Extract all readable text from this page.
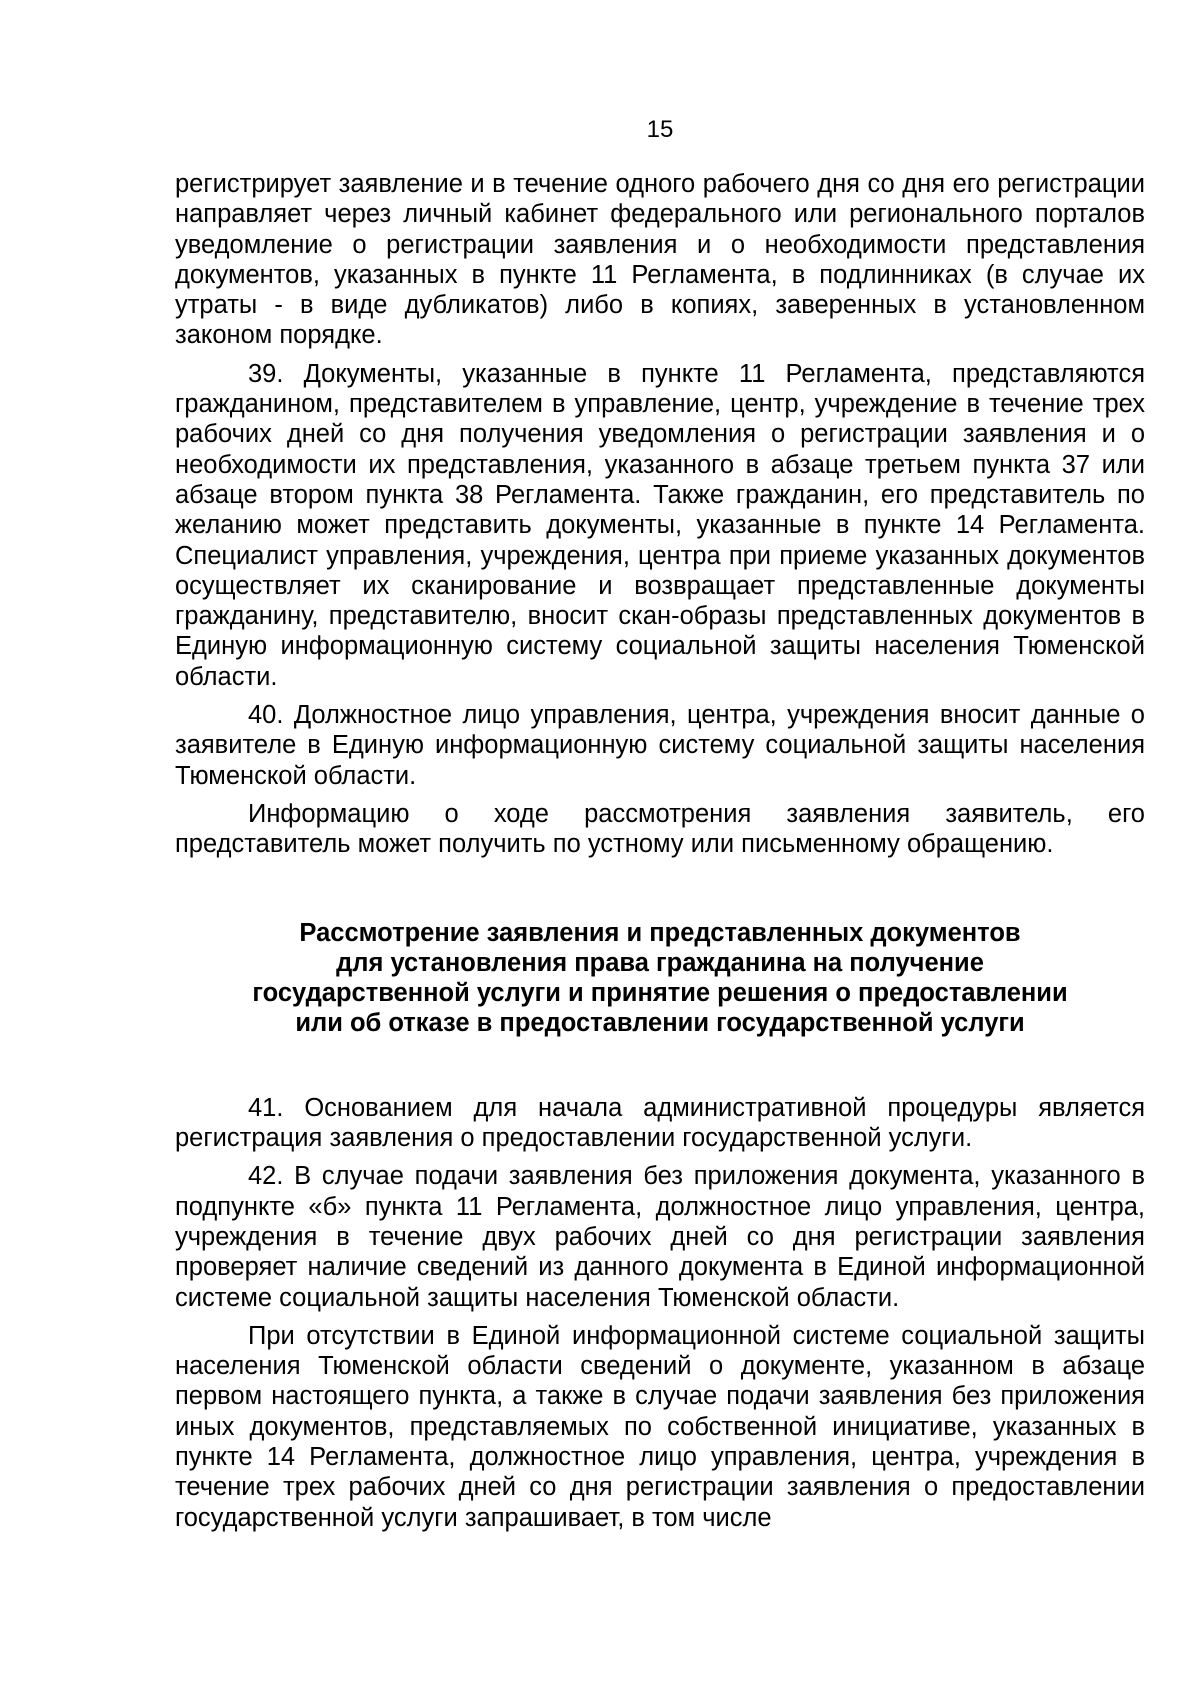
15

регистрирует заявление и в течение одного рабочего дня со дня его регистрации направляет через личный кабинет федерального или регионального порталов уведомление о регистрации заявления и о необходимости представления документов, указанных в пункте 11 Регламента, в подлинниках (в случае их утраты - в виде дубликатов) либо в копиях, заверенных в установленном законом порядке.

39. Документы, указанные в пункте 11 Регламента, представляются гражданином, представителем в управление, центр, учреждение в течение трех рабочих дней со дня получения уведомления о регистрации заявления и о необходимости их представления, указанного в абзаце третьем пункта 37 или абзаце втором пункта 38 Регламента. Также гражданин, его представитель по желанию может представить документы, указанные в пункте 14 Регламента. Специалист управления, учреждения, центра при приеме указанных документов осуществляет их сканирование и возвращает представленные документы гражданину, представителю, вносит скан-образы представленных документов в Единую информационную систему социальной защиты населения Тюменской области.

40. Должностное лицо управления, центра, учреждения вносит данные о заявителе в Единую информационную систему социальной защиты населения Тюменской области.

Информацию о ходе рассмотрения заявления заявитель, его представитель может получить по устному или письменному обращению.

Рассмотрение заявления и представленных документов
для установления права гражданина на получение
государственной услуги и принятие решения о предоставлении
или об отказе в предоставлении государственной услуги

41. Основанием для начала административной процедуры является регистрация заявления о предоставлении государственной услуги.

42. В случае подачи заявления без приложения документа, указанного в подпункте «б» пункта 11 Регламента, должностное лицо управления, центра, учреждения в течение двух рабочих дней со дня регистрации заявления проверяет наличие сведений из данного документа в Единой информационной системе социальной защиты населения Тюменской области.

При отсутствии в Единой информационной системе социальной защиты населения Тюменской области сведений о документе, указанном в абзаце первом настоящего пункта, а также в случае подачи заявления без приложения иных документов, представляемых по собственной инициативе, указанных в пункте 14 Регламента, должностное лицо управления, центра, учреждения в течение трех рабочих дней со дня регистрации заявления о предоставлении государственной услуги запрашивает, в том числе
